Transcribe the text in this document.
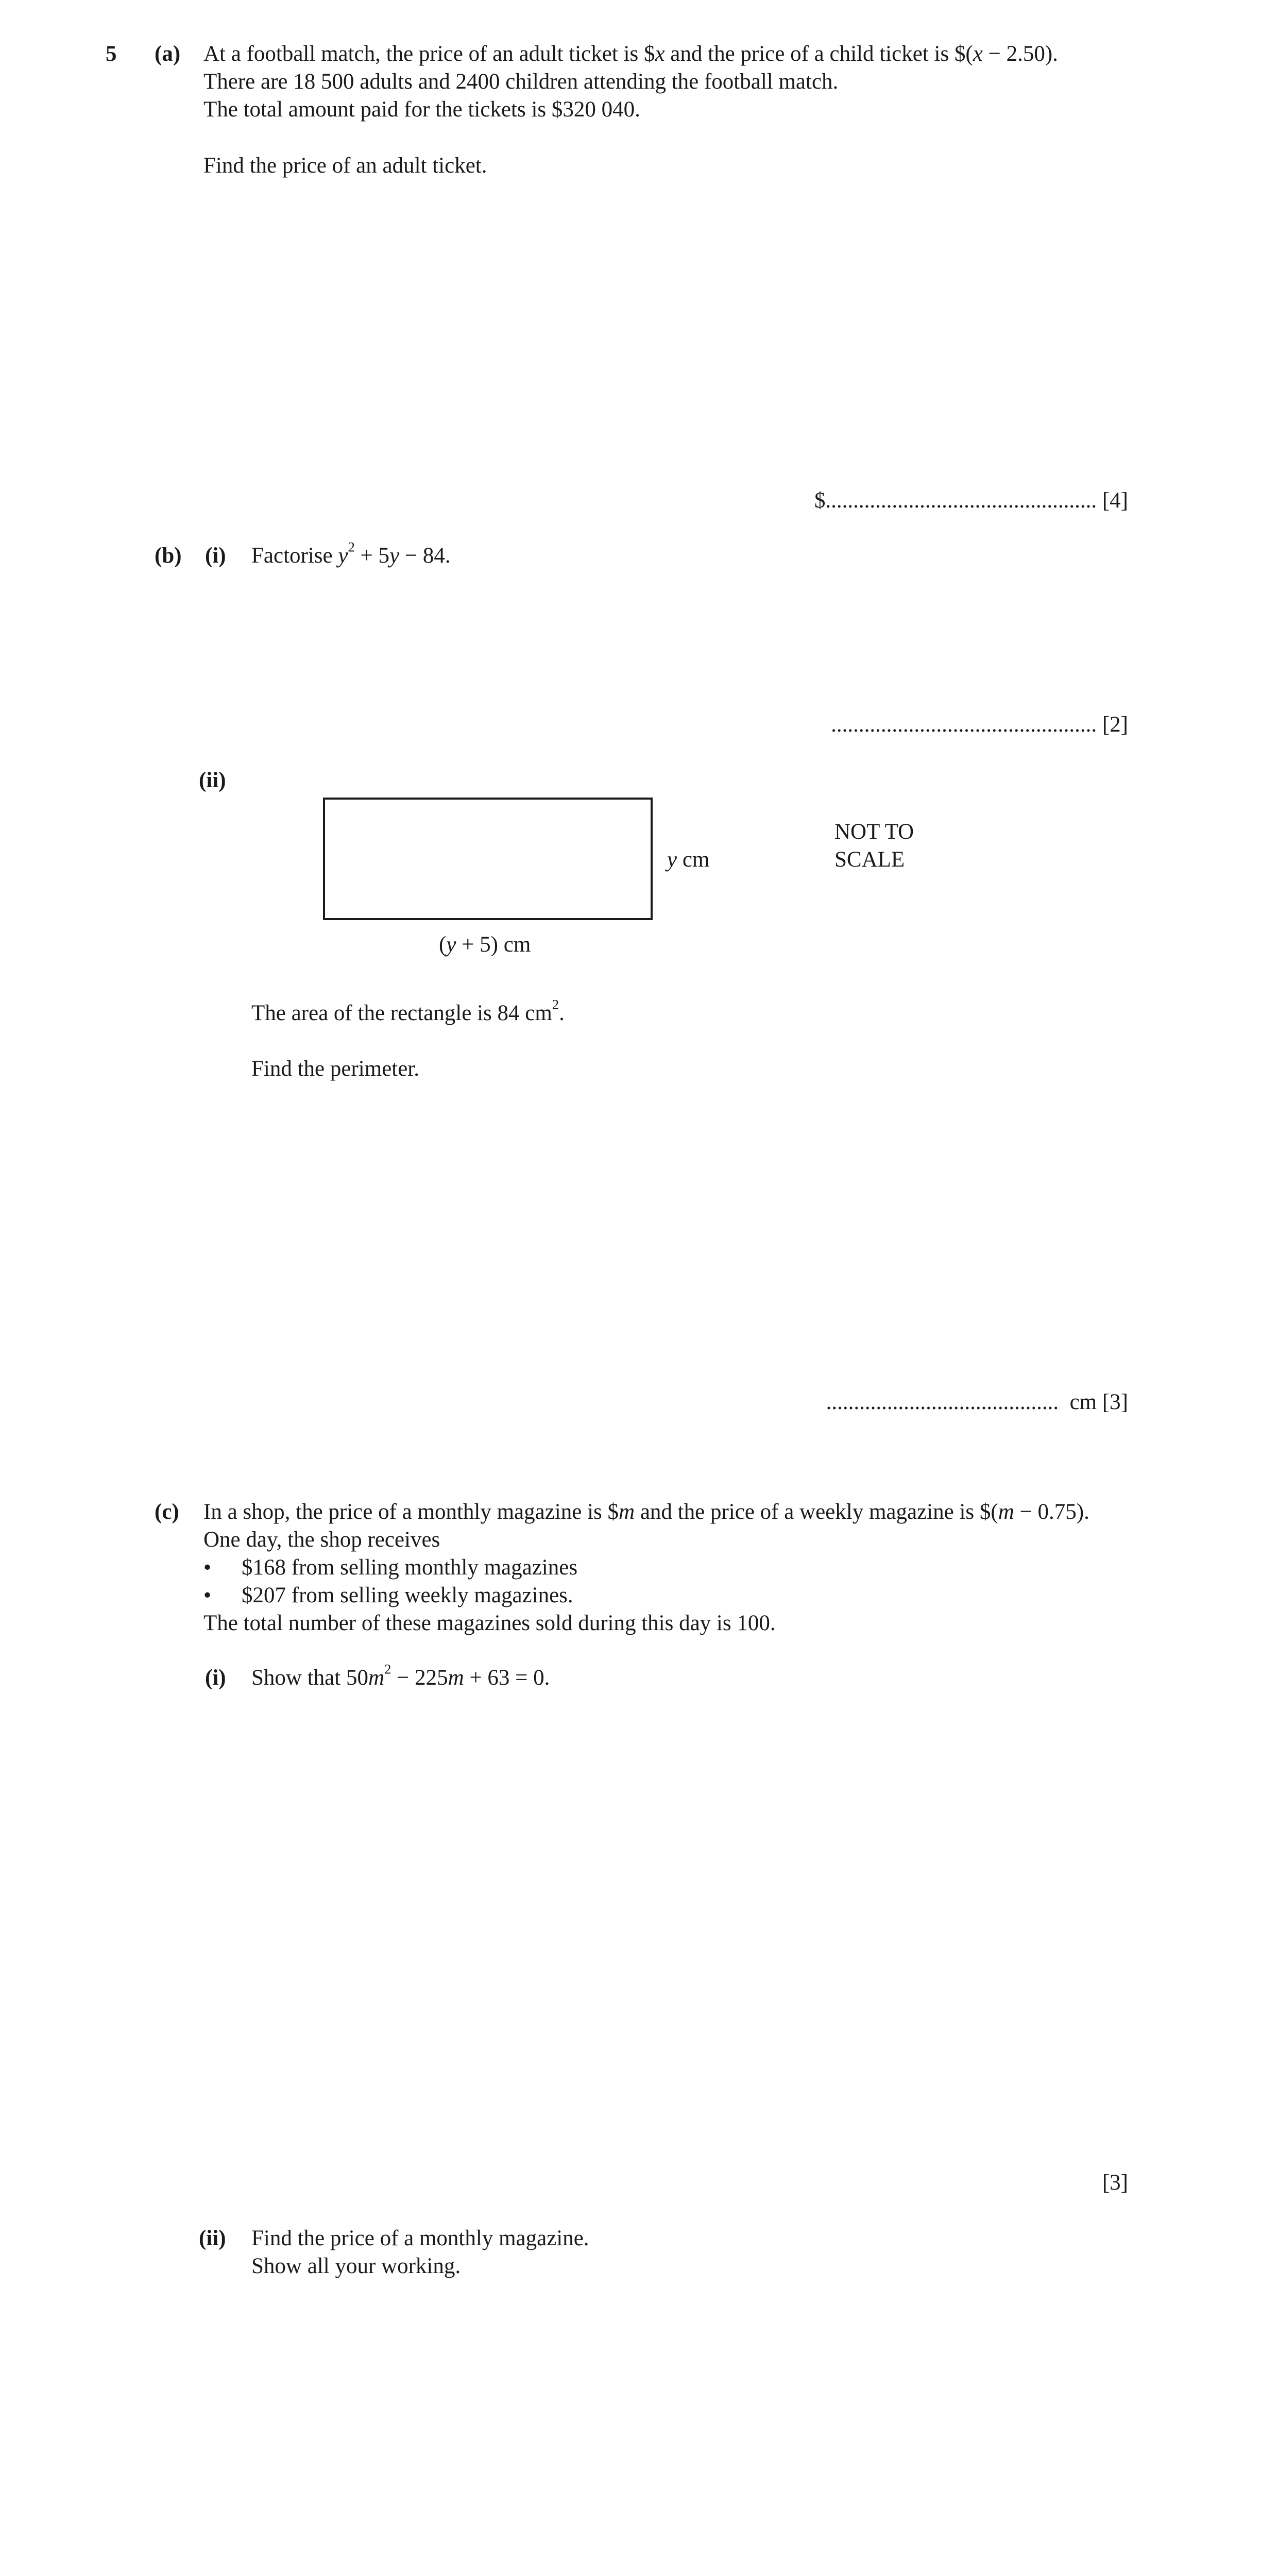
5 (a) At a football match, the price of an adult ticket is $x and the price of a child ticket is $(x − 2.50).
There are 18 500 adults and 2400 children attending the football match.
The total amount paid for the tickets is $320 040.
Find the price of an adult ticket.
$................................................. [4]
(b) (i) Factorise $y^2 + 5y - 84$.
................................................ [2]
(ii)
y cm
(y + 5) cm
NOT TO
SCALE
The area of the rectangle is 84 $cm^2$.
Find the perimeter.
.......................................... cm [3]
(c) In a shop, the price of a monthly magazine is $m and the price of a weekly magazine is $(m − 0.75).
One day, the shop receives
• $168 from selling monthly magazines
• $207 from selling weekly magazines.
The total number of these magazines sold during this day is 100.
(i) Show that $50m^2 - 225m + 63 = 0$.
[3]
(ii) Find the price of a monthly magazine.
Show all your working.
